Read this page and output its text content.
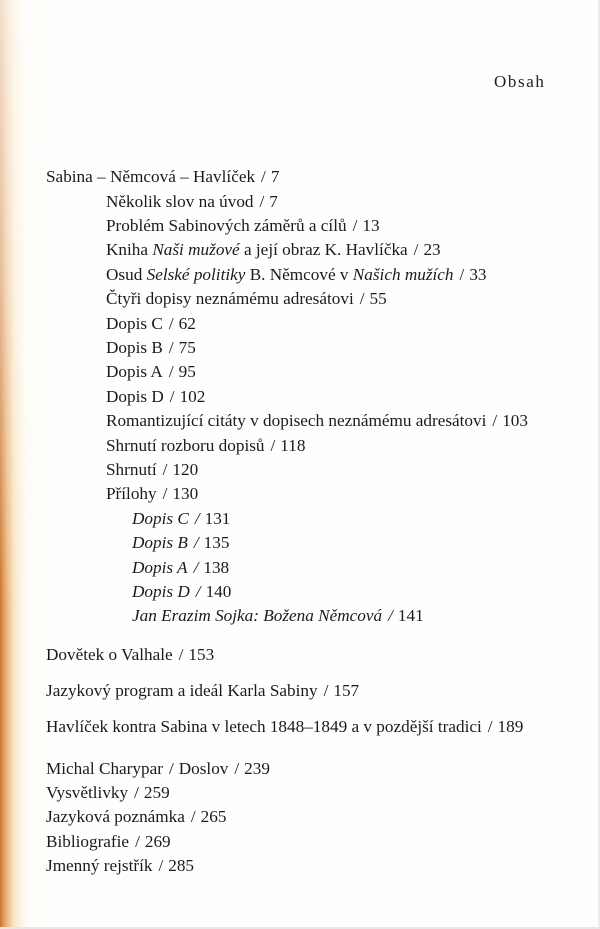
Obsah
Sabina – Němcová – Havlíček / 7
Několik slov na úvod / 7
Problém Sabinových záměrů a cílů / 13
Kniha Naši mužové a její obraz K. Havlíčka / 23
Osud Selské politiky B. Němcové v Našich mužích / 33
Čtyři dopisy neznámému adresátovi / 55
Dopis C / 62
Dopis B / 75
Dopis A / 95
Dopis D / 102
Romantizující citáty v dopisech neznámému adresátovi / 103
Shrnutí rozboru dopisů / 118
Shrnutí / 120
Přílohy / 130
Dopis C / 131
Dopis B / 135
Dopis A / 138
Dopis D / 140
Jan Erazim Sojka: Božena Němcová / 141
Dovětek o Valhale / 153
Jazykový program a ideál Karla Sabiny / 157
Havlíček kontra Sabina v letech 1848–1849 a v pozdější tradici / 189
Michal Charypar / Doslov / 239
Vysvětlivky / 259
Jazyková poznámka / 265
Bibliografie / 269
Jmenný rejstřík / 285
